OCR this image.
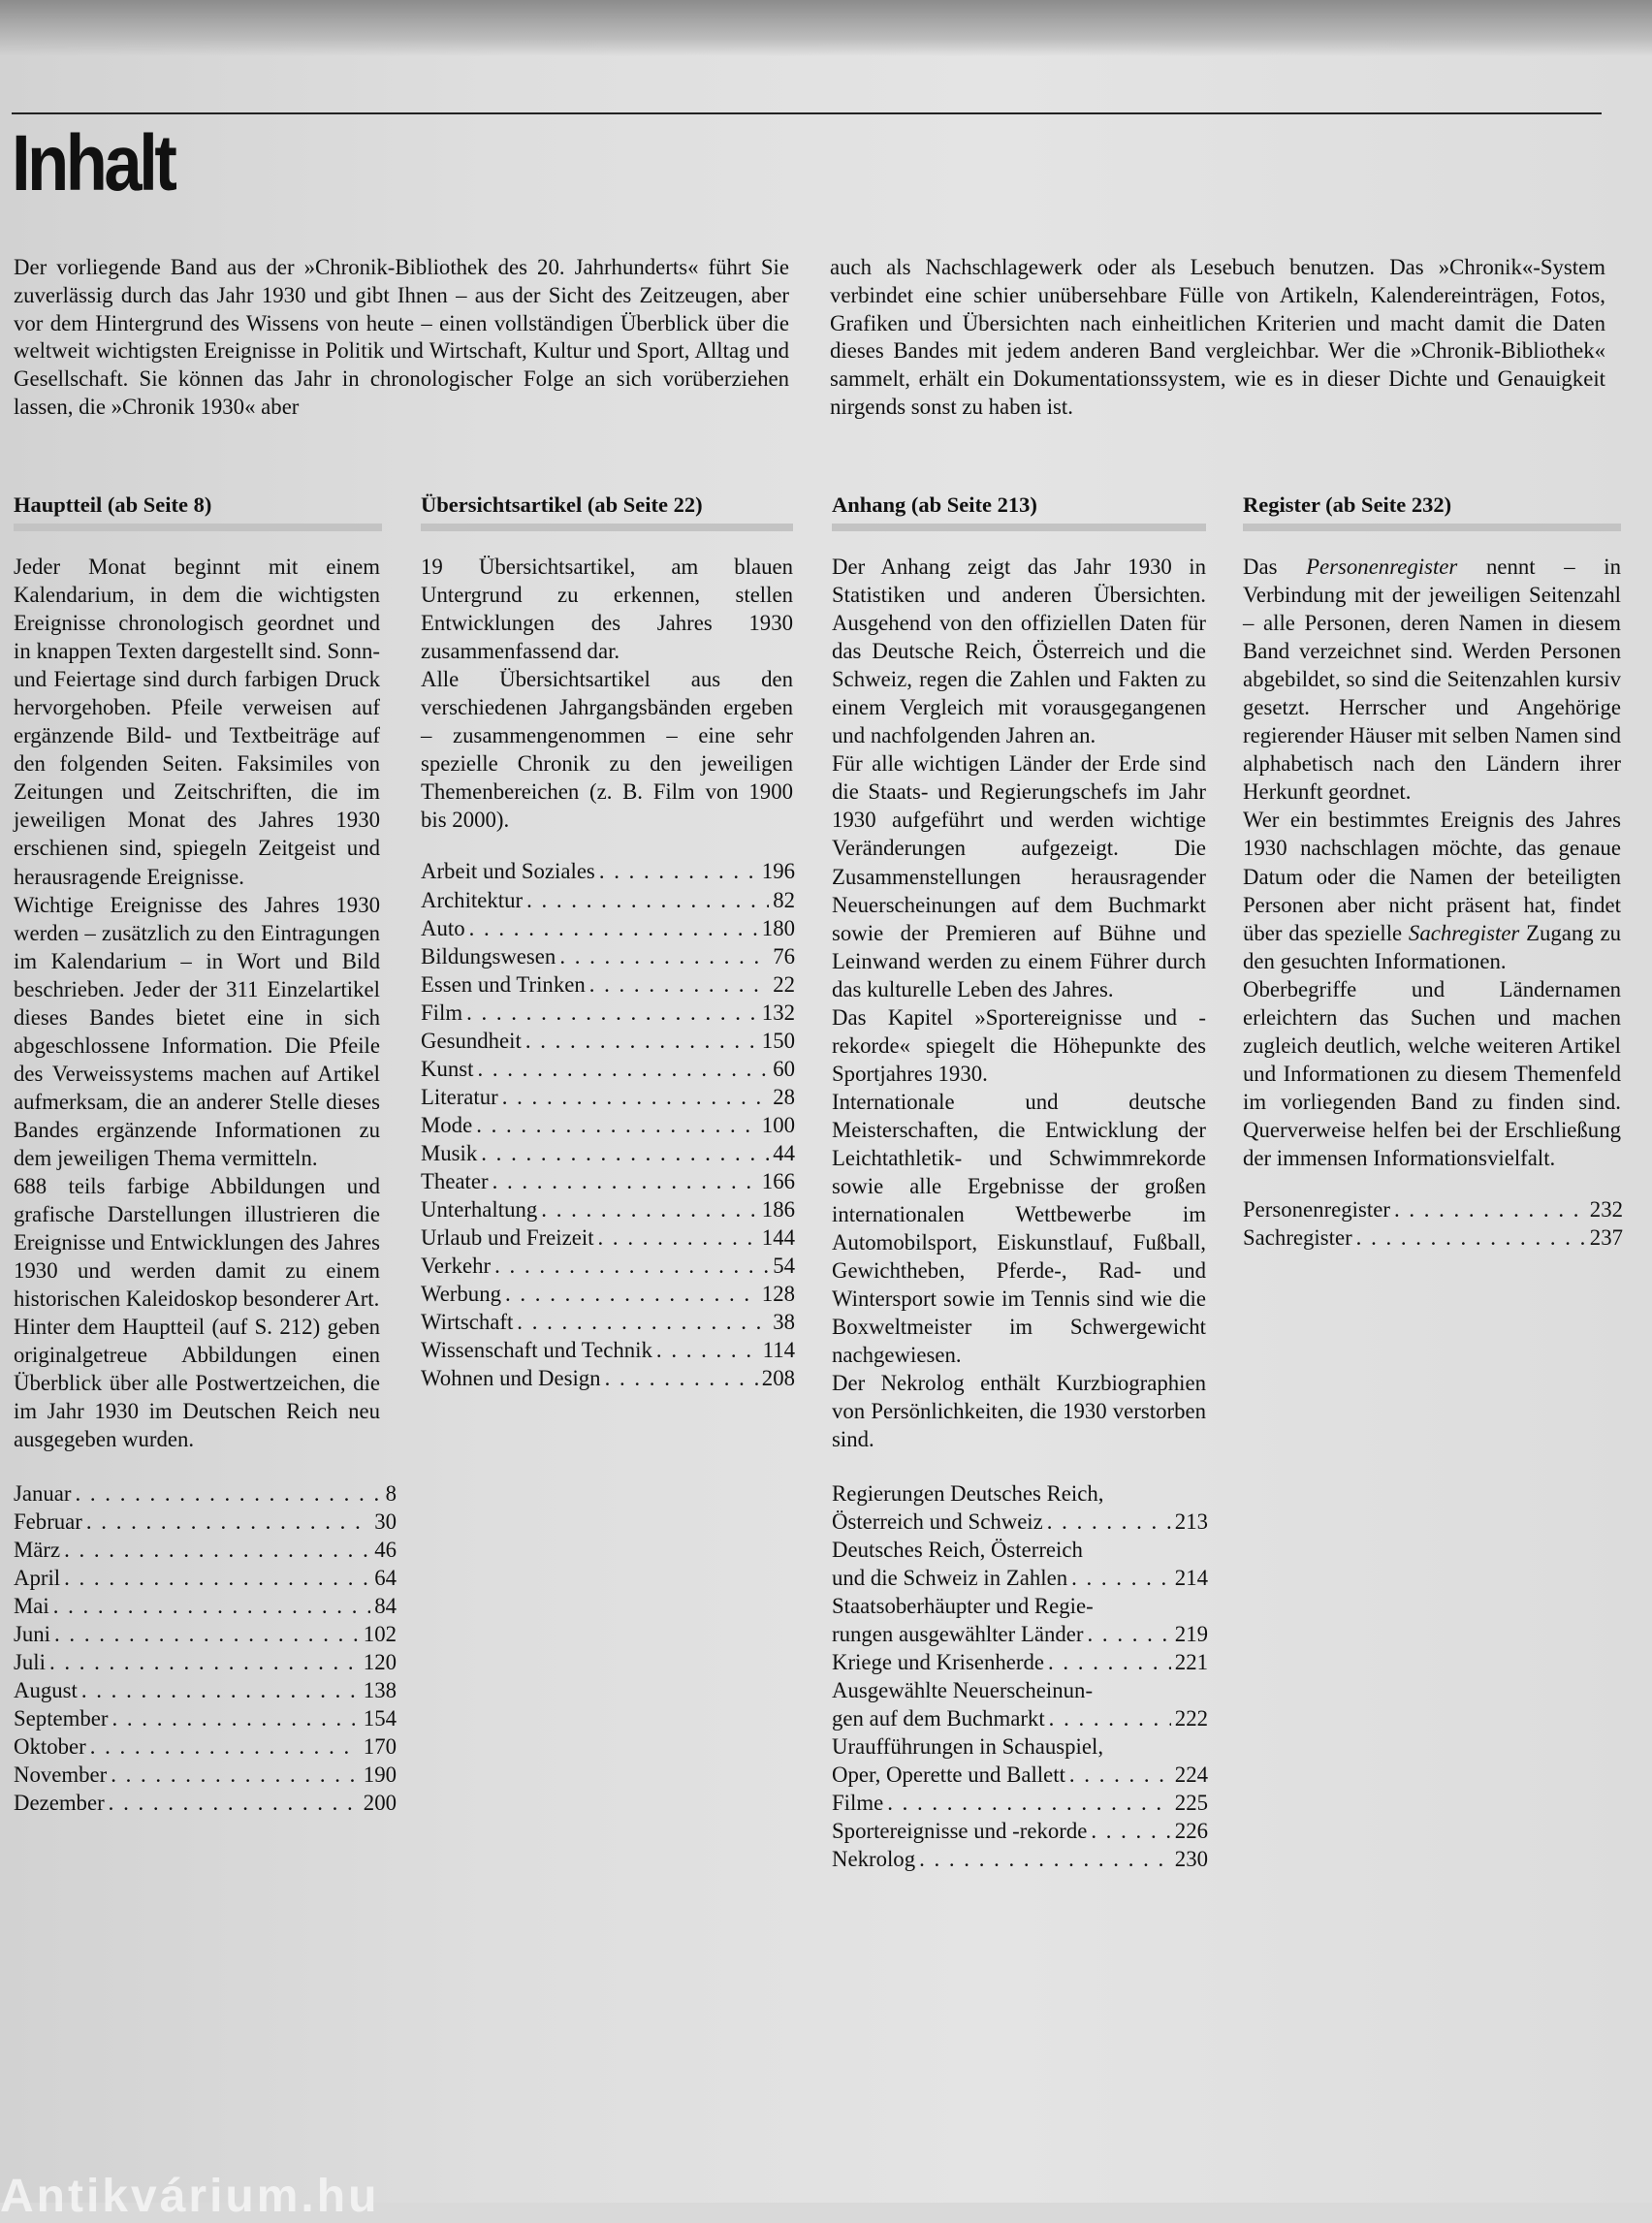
Inhalt

Der vorliegende Band aus der »Chronik-Bibliothek des 20. Jahrhunderts« führt Sie zuverlässig durch das Jahr 1930 und gibt Ihnen – aus der Sicht des Zeitzeugen, aber vor dem Hintergrund des Wissens von heute – einen vollständigen Überblick über die weltweit wichtigsten Ereignisse in Politik und Wirtschaft, Kultur und Sport, Alltag und Gesellschaft. Sie können das Jahr in chronologischer Folge an sich vorüberziehen lassen, die »Chronik 1930« aber

auch als Nachschlagewerk oder als Lesebuch benutzen. Das »Chronik«-System verbindet eine schier unübersehbare Fülle von Artikeln, Kalendereinträgen, Fotos, Grafiken und Übersichten nach einheitlichen Kriterien und macht damit die Daten dieses Bandes mit jedem anderen Band vergleichbar. Wer die »Chronik-Bibliothek« sammelt, erhält ein Dokumentationssystem, wie es in dieser Dichte und Genauigkeit nirgends sonst zu haben ist.

Hauptteil (ab Seite 8)

Jeder Monat beginnt mit einem Kalendarium, in dem die wichtigsten Ereignisse chronologisch geordnet und in knappen Texten dargestellt sind. Sonn- und Feiertage sind durch farbigen Druck hervorgehoben. Pfeile verweisen auf ergänzende Bild- und Textbeiträge auf den folgenden Seiten. Faksimiles von Zeitungen und Zeitschriften, die im jeweiligen Monat des Jahres 1930 erschienen sind, spiegeln Zeitgeist und herausragende Ereignisse.

Wichtige Ereignisse des Jahres 1930 werden – zusätzlich zu den Eintragungen im Kalendarium – in Wort und Bild beschrieben. Jeder der 311 Einzelartikel dieses Bandes bietet eine in sich abgeschlossene Information. Die Pfeile des Verweissystems machen auf Artikel aufmerksam, die an anderer Stelle dieses Bandes ergänzende Informationen zu dem jeweiligen Thema vermitteln.

688 teils farbige Abbildungen und grafische Darstellungen illustrieren die Ereignisse und Entwicklungen des Jahres 1930 und werden damit zu einem historischen Kaleidoskop besonderer Art.

Hinter dem Hauptteil (auf S. 212) geben originalgetreue Abbildungen einen Überblick über alle Postwertzeichen, die im Jahr 1930 im Deutschen Reich neu ausgegeben wurden.

Januar . . .	8
Februar . . .	30
März . . .	46
April . . .	64
Mai . . .	84
Juni . . .	102
Juli . . .	120
August . . .	138
September . . .	154
Oktober . . .	170
November . . .	190
Dezember . . .	200
Übersichtsartikel (ab Seite 22)

19 Übersichtsartikel, am blauen Untergrund zu erkennen, stellen Entwicklungen des Jahres 1930 zusammenfassend dar.

Alle Übersichtsartikel aus den verschiedenen Jahrgangsbänden ergeben – zusammengenommen – eine sehr spezielle Chronik zu den jeweiligen Themenbereichen (z. B. Film von 1900 bis 2000).

Arbeit und Soziales . . .	196
Architektur . . .	82
Auto . . .	180
Bildungswesen . . .	76
Essen und Trinken . . .	22
Film . . .	132
Gesundheit . . .	150
Kunst . . .	60
Literatur . . .	28
Mode . . .	100
Musik . . .	44
Theater . . .	166
Unterhaltung . . .	186
Urlaub und Freizeit . . .	144
Verkehr . . .	54
Werbung . . .	128
Wirtschaft . . .	38
Wissenschaft und Technik . . .	114
Wohnen und Design . . .	208
Anhang (ab Seite 213)

Der Anhang zeigt das Jahr 1930 in Statistiken und anderen Übersichten. Ausgehend von den offiziellen Daten für das Deutsche Reich, Österreich und die Schweiz, regen die Zahlen und Fakten zu einem Vergleich mit vorausgegangenen und nachfolgenden Jahren an.

Für alle wichtigen Länder der Erde sind die Staats- und Regierungschefs im Jahr 1930 aufgeführt und werden wichtige Veränderungen aufgezeigt. Die Zusammenstellungen herausragender Neuerscheinungen auf dem Buchmarkt sowie der Premieren auf Bühne und Leinwand werden zu einem Führer durch das kulturelle Leben des Jahres.

Das Kapitel »Sportereignisse und -rekorde« spiegelt die Höhepunkte des Sportjahres 1930.

Internationale und deutsche Meisterschaften, die Entwicklung der Leichtathletik- und Schwimmrekorde sowie alle Ergebnisse der großen internationalen Wettbewerbe im Automobilsport, Eiskunstlauf, Fußball, Gewichtheben, Pferde-, Rad- und Wintersport sowie im Tennis sind wie die Boxweltmeister im Schwergewicht nachgewiesen.

Der Nekrolog enthält Kurzbiographien von Persönlichkeiten, die 1930 verstorben sind.

Regierungen Deutsches Reich,
Österreich und Schweiz . . .	213
Deutsches Reich, Österreich
und die Schweiz in Zahlen . . .	214
Staatsoberhäupter und Regie-
rungen ausgewählter Länder . . .	219
Kriege und Krisenherde . . .	221
Ausgewählte Neuerscheinun-
gen auf dem Buchmarkt . . .	222
Uraufführungen in Schauspiel,
Oper, Operette und Ballett . . .	224
Filme . . .	225
Sportereignisse und -rekorde . . .	226
Nekrolog . . .	230
Register (ab Seite 232)

Das Personenregister nennt – in Verbindung mit der jeweiligen Seitenzahl – alle Personen, deren Namen in diesem Band verzeichnet sind. Werden Personen abgebildet, so sind die Seitenzahlen kursiv gesetzt. Herrscher und Angehörige regierender Häuser mit selben Namen sind alphabetisch nach den Ländern ihrer Herkunft geordnet.

Wer ein bestimmtes Ereignis des Jahres 1930 nachschlagen möchte, das genaue Datum oder die Namen der beteiligten Personen aber nicht präsent hat, findet über das spezielle Sachregister Zugang zu den gesuchten Informationen.

Oberbegriffe und Ländernamen erleichtern das Suchen und machen zugleich deutlich, welche weiteren Artikel und Informationen zu diesem Themenfeld im vorliegenden Band zu finden sind. Querverweise helfen bei der Erschließung der immensen Informationsvielfalt.

Personenregister . . .	232
Sachregister . . .	237
Antikvárium.hu
